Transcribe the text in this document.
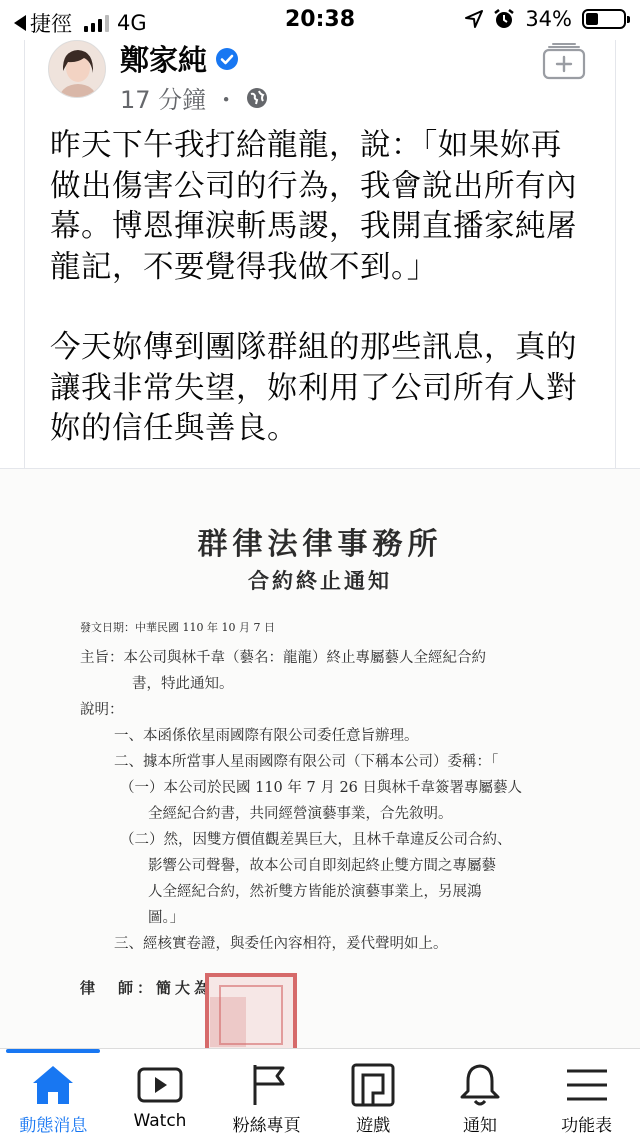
捷徑 4G	20:38	34%
鄭家純
17 分鐘 ・

昨天下午我打給龍龍，說：「如果妳再做出傷害公司的行為，我會說出所有內幕。博恩揮淚斬馬謖，我開直播家純屠龍記，不要覺得我做不到。」

今天妳傳到團隊群組的那些訊息，真的讓我非常失望，妳利用了公司所有人對妳的信任與善良。

群律法律事務所
合約終止通知
發文日期：中華民國 110 年 10 月 7 日
主旨：本公司與林千韋（藝名：龍龍）終止專屬藝人全經紀合約
書，特此通知。
說明：
一、本函係依星雨國際有限公司委任意旨辦理。
二、據本所當事人星雨國際有限公司（下稱本公司）委稱：「
（一）本公司於民國 110 年 7 月 26 日與林千韋簽署專屬藝人
全經紀合約書，共同經營演藝事業，合先敘明。
（二）然，因雙方價值觀差異巨大，且林千韋違反公司合約、
影響公司聲譽，故本公司自即刻起終止雙方間之專屬藝
人全經紀合約，然祈雙方皆能於演藝事業上，另展鴻
圖。」
三、經核實卷證，與委任內容相符，爰代聲明如上。
律　師：簡大為
動態消息	Watch	粉絲專頁	遊戲	通知	功能表
